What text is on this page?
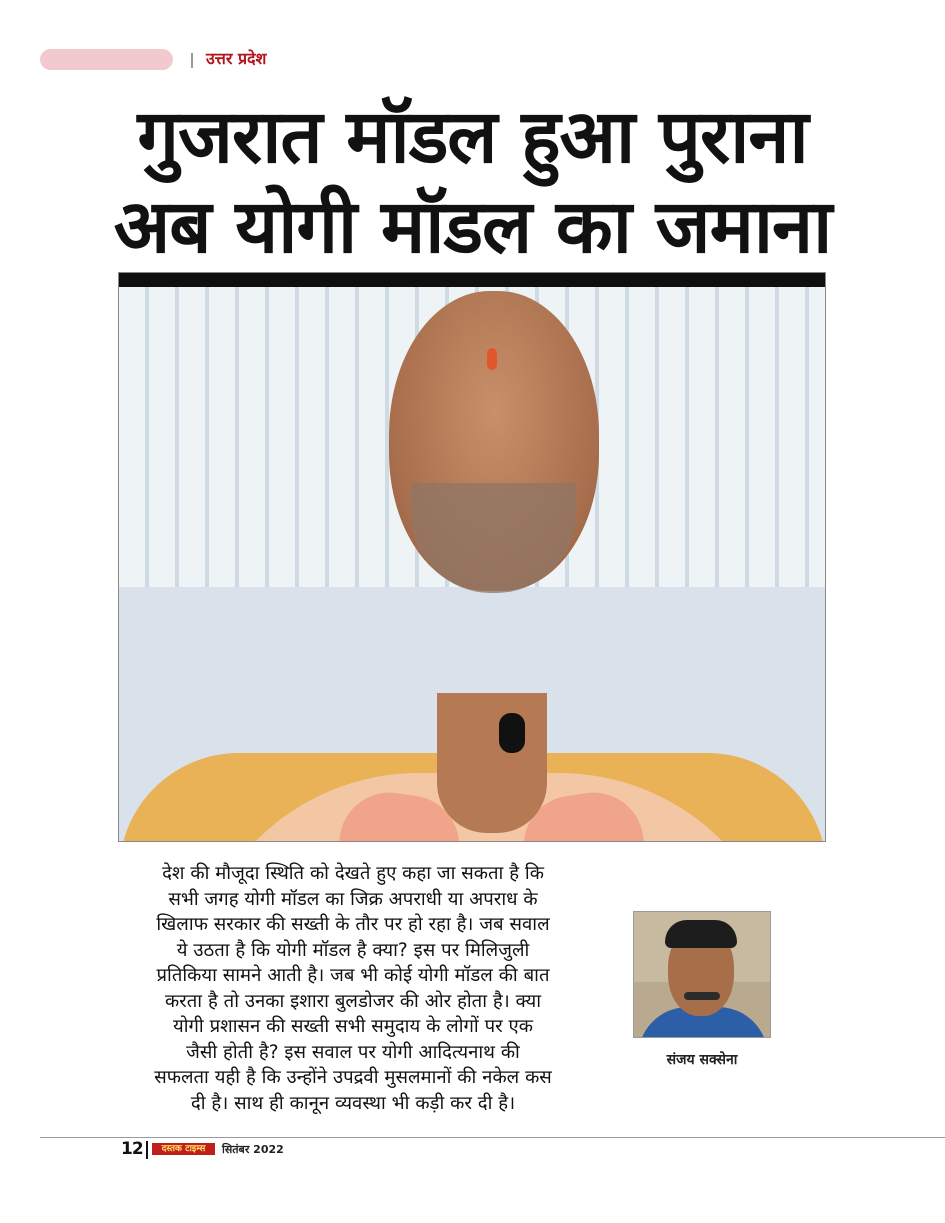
उत्तर प्रदेश
गुजरात मॉडल हुआ पुराना
अब योगी मॉडल का जमाना

देश की मौजूदा स्थिति को देखते हुए कहा जा सकता है कि
सभी जगह योगी मॉडल का जिक्र अपराधी या अपराध के
खिलाफ सरकार की सख्ती के तौर पर हो रहा है। जब सवाल
ये उठता है कि योगी मॉडल है क्या? इस पर मिलिजुली
प्रतिकिया सामने आती है। जब भी कोई योगी मॉडल की बात
करता है तो उनका इशारा बुलडोजर की ओर होता है। क्या
योगी प्रशासन की सख्ती सभी समुदाय के लोगों पर एक
जैसी होती है? इस सवाल पर योगी आदित्यनाथ की
सफलता यही है कि उन्होंने उपद्रवी मुसलमानों की नकेल कस
दी है। साथ ही कानून व्यवस्था भी कड़ी कर दी है।

संजय सक्सेना
12	दस्तक टाइम्स	सितंबर 2022
